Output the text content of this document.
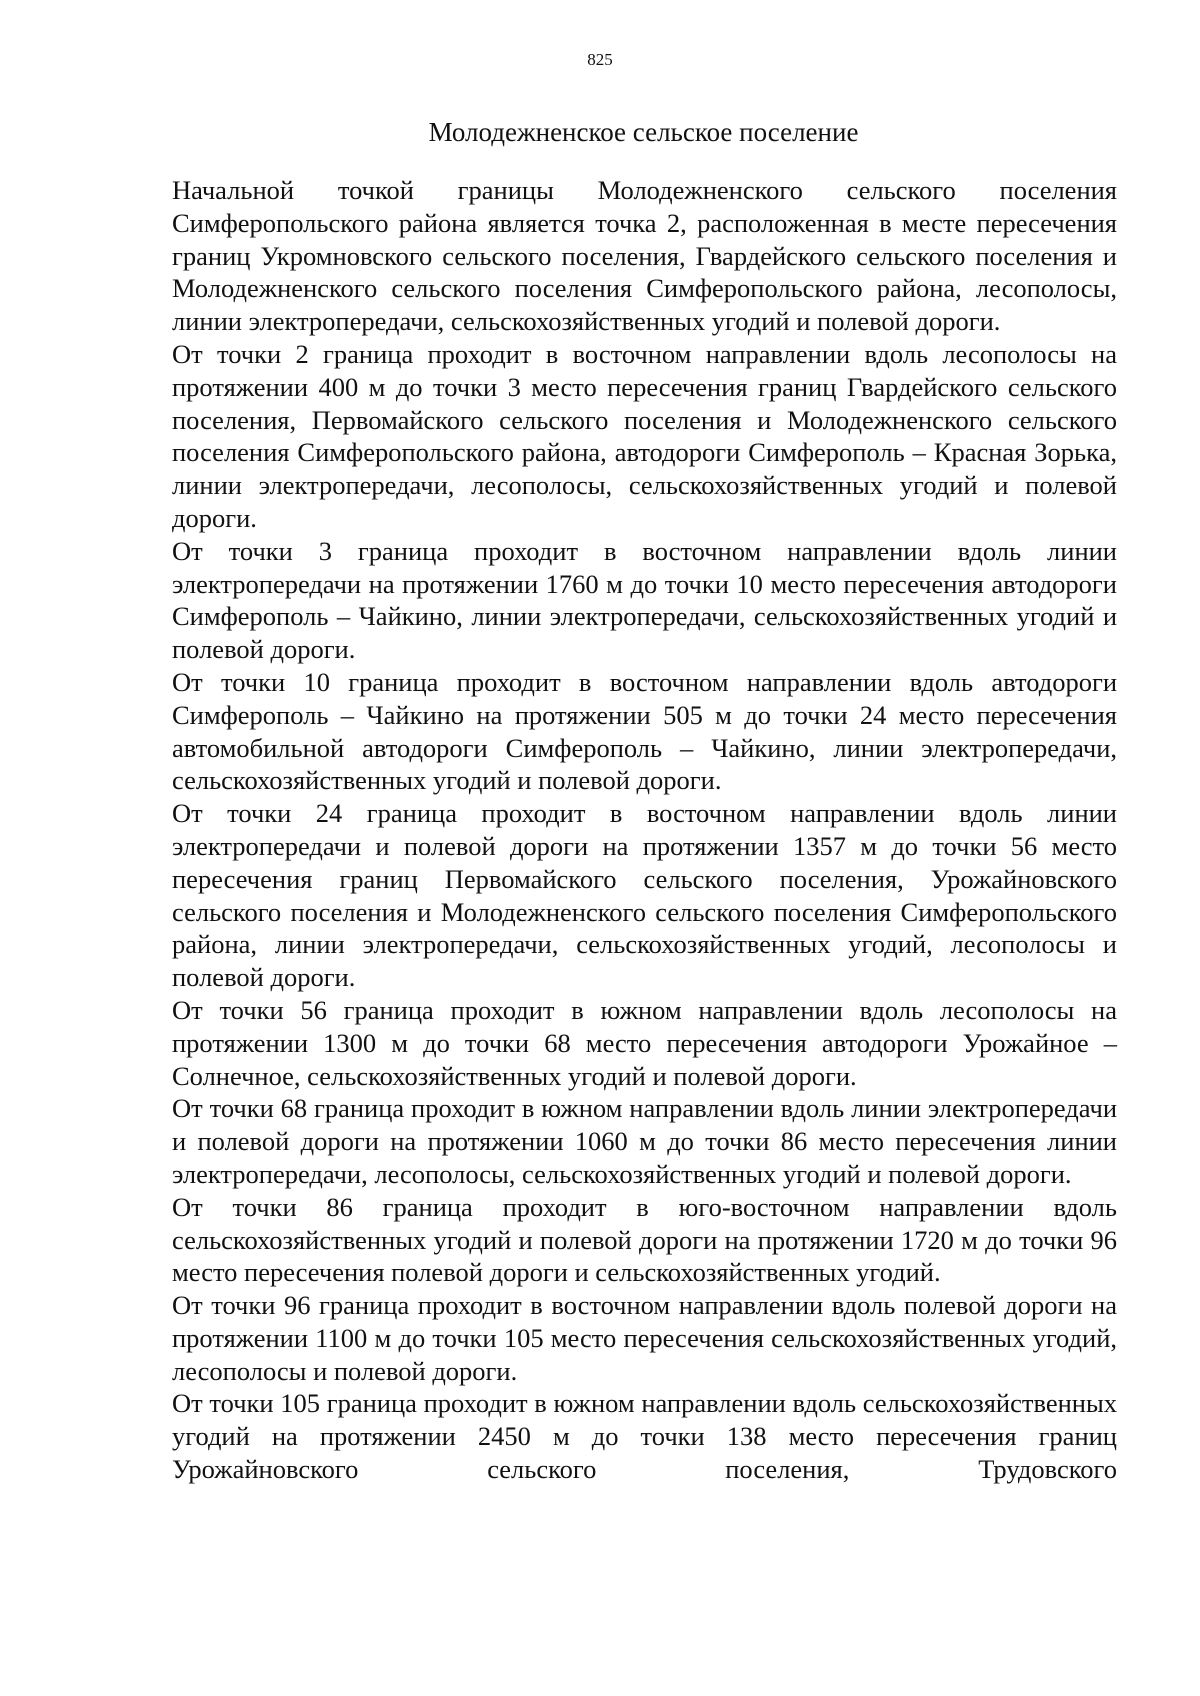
825
Молодежненское сельское поселение

Начальной точкой границы Молодежненского сельского поселения Симферопольского района является точка 2, расположенная в месте пересечения границ Укромновского сельского поселения, Гвардейского сельского поселения и Молодежненского сельского поселения Симферопольского района, лесополосы, линии электропередачи, сельскохозяйственных угодий и полевой дороги.

От точки 2 граница проходит в восточном направлении вдоль лесополосы на протяжении 400 м до точки 3 место пересечения границ Гвардейского сельского поселения, Первомайского сельского поселения и Молодежненского сельского поселения Симферопольского района, автодороги Симферополь – Красная Зорька, линии электропередачи, лесополосы, сельскохозяйственных угодий и полевой дороги.

От точки 3 граница проходит в восточном направлении вдоль линии электропередачи на протяжении 1760 м до точки 10 место пересечения автодороги Симферополь – Чайкино, линии электропередачи, сельскохозяйственных угодий и полевой дороги.

От точки 10 граница проходит в восточном направлении вдоль автодороги Симферополь – Чайкино на протяжении 505 м до точки 24 место пересечения автомобильной автодороги Симферополь – Чайкино, линии электропередачи, сельскохозяйственных угодий и полевой дороги.

От точки 24 граница проходит в восточном направлении вдоль линии электропередачи и полевой дороги на протяжении 1357 м до точки 56 место пересечения границ Первомайского сельского поселения, Урожайновского сельского поселения и Молодежненского сельского поселения Симферопольского района, линии электропередачи, сельскохозяйственных угодий, лесополосы и полевой дороги.

От точки 56 граница проходит в южном направлении вдоль лесополосы на протяжении 1300 м до точки 68 место пересечения автодороги Урожайное – Солнечное, сельскохозяйственных угодий и полевой дороги.

От точки 68 граница проходит в южном направлении вдоль линии электропередачи и полевой дороги на протяжении 1060 м до точки 86 место пересечения линии электропередачи, лесополосы, сельскохозяйственных угодий и полевой дороги.

От точки 86 граница проходит в юго-восточном направлении вдоль сельскохозяйственных угодий и полевой дороги на протяжении 1720 м до точки 96 место пересечения полевой дороги и сельскохозяйственных угодий.

От точки 96 граница проходит в восточном направлении вдоль полевой дороги на протяжении 1100 м до точки 105 место пересечения сельскохозяйственных угодий, лесополосы и полевой дороги.

От точки 105 граница проходит в южном направлении вдоль сельскохозяйственных угодий на протяжении 2450 м до точки 138 место пересечения границ Урожайновского сельского поселения, Трудовского
